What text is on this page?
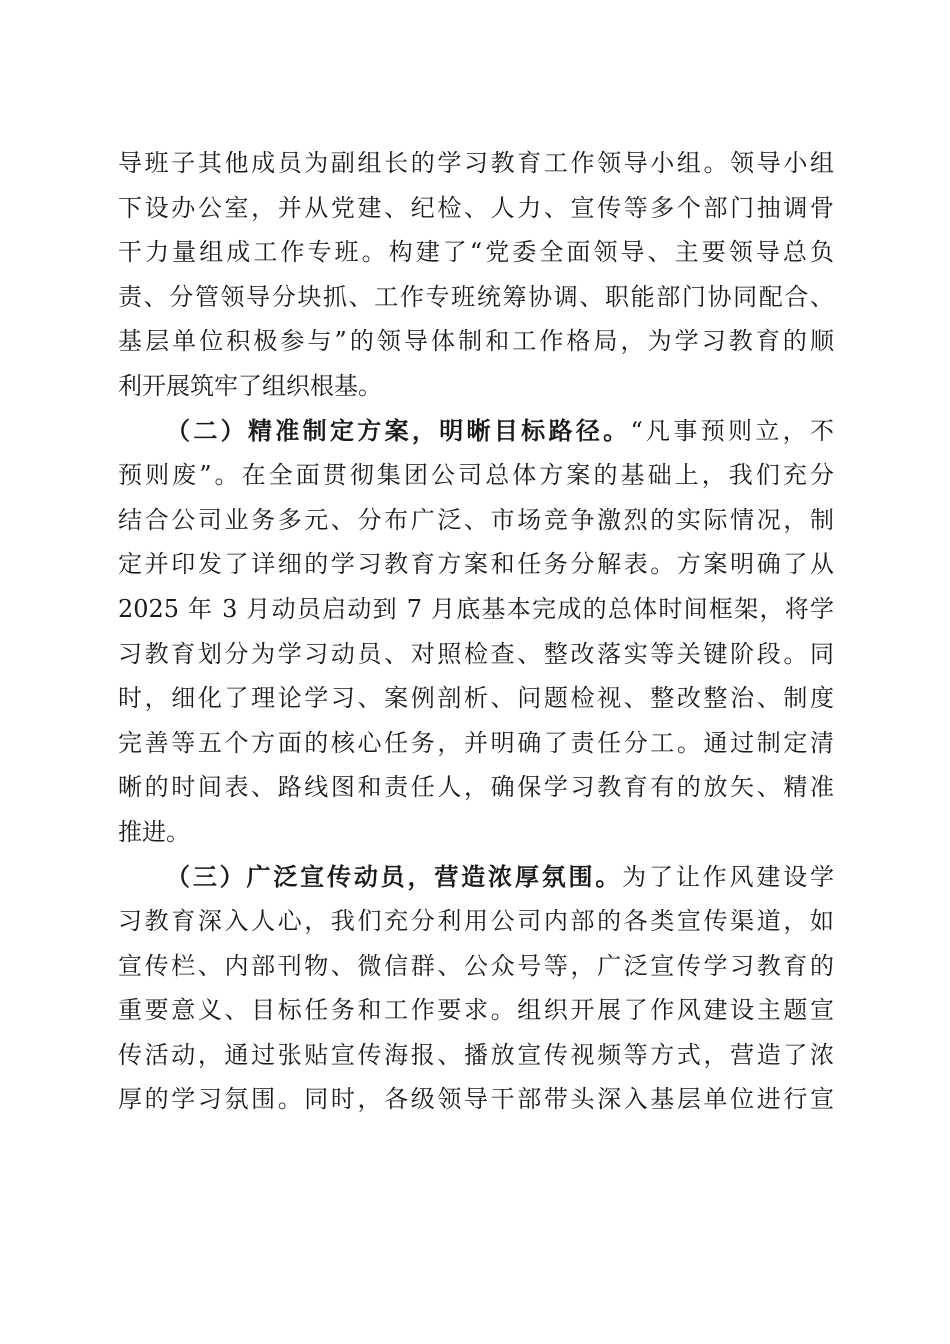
导班子其他成员为副组长的学习教育工作领导小组。领导小组
下设办公室，并从党建、纪检、人力、宣传等多个部门抽调骨
干力量组成工作专班。构建了“党委全面领导、主要领导总负
责、分管领导分块抓、工作专班统筹协调、职能部门协同配合、
基层单位积极参与”的领导体制和工作格局，为学习教育的顺
利开展筑牢了组织根基。
（二）精准制定方案，明晰目标路径。“凡事预则立，不
预则废”。在全面贯彻集团公司总体方案的基础上，我们充分
结合公司业务多元、分布广泛、市场竞争激烈的实际情况，制
定并印发了详细的学习教育方案和任务分解表。方案明确了从
2025 年 3 月动员启动到 7 月底基本完成的总体时间框架，将学
习教育划分为学习动员、对照检查、整改落实等关键阶段。同
时，细化了理论学习、案例剖析、问题检视、整改整治、制度
完善等五个方面的核心任务，并明确了责任分工。通过制定清
晰的时间表、路线图和责任人，确保学习教育有的放矢、精准
推进。
（三）广泛宣传动员，营造浓厚氛围。为了让作风建设学
习教育深入人心，我们充分利用公司内部的各类宣传渠道，如
宣传栏、内部刊物、微信群、公众号等，广泛宣传学习教育的
重要意义、目标任务和工作要求。组织开展了作风建设主题宣
传活动，通过张贴宣传海报、播放宣传视频等方式，营造了浓
厚的学习氛围。同时，各级领导干部带头深入基层单位进行宣
